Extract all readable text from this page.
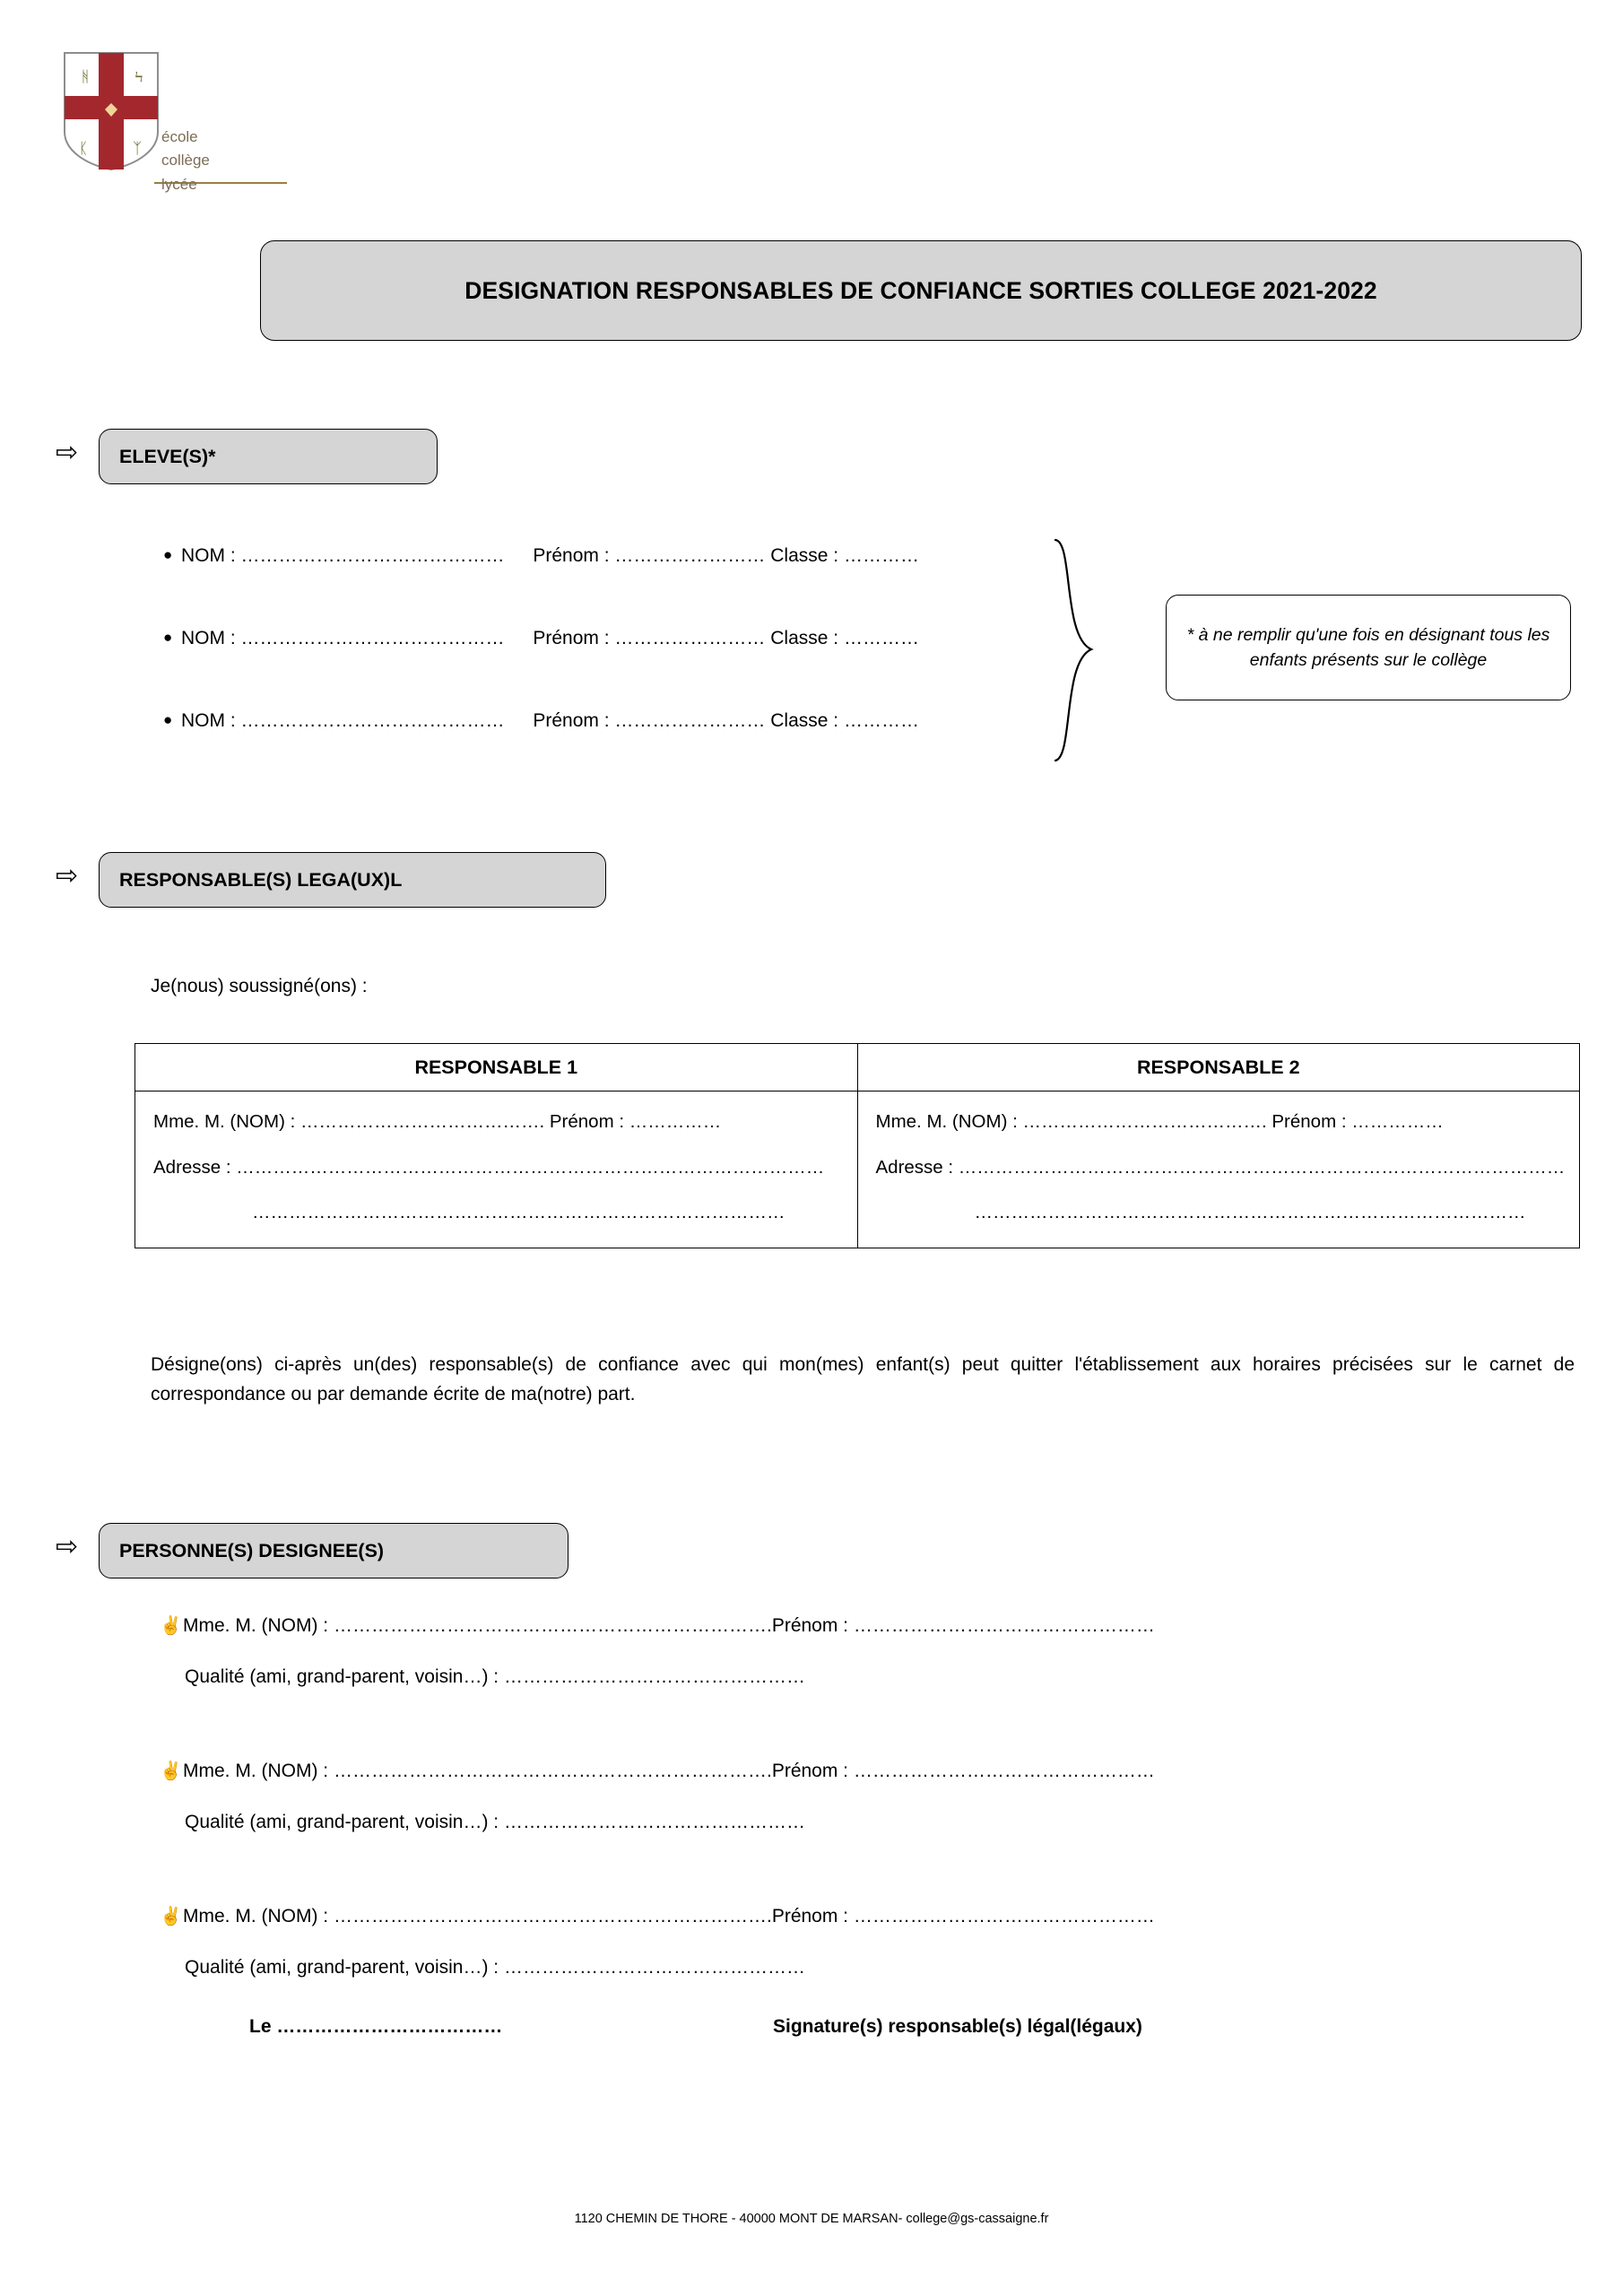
ᚻ	Ϟ
ᛕ	ᛉ
école
collège
lycée
DESIGNATION RESPONSABLES DE CONFIANCE SORTIES COLLEGE 2021-2022
⇨ ELEVE(S)*
● NOM : …………………………………… Prénom : …………………… Classe : …………
● NOM : …………………………………… Prénom : …………………… Classe : …………
● NOM : …………………………………… Prénom : …………………… Classe : …………
* à ne remplir qu'une fois en désignant tous les enfants présents sur le collège
⇨ RESPONSABLE(S) LEGA(UX)L
Je(nous) soussigné(ons) :
RESPONSABLE 1	RESPONSABLE 2

Mme. M. (NOM) : …………………………………. Prénom : ……………
Adresse : ……………………………………………………………………………………
……………………………………………………………………………

Mme. M. (NOM) : …………………………………. Prénom : ……………
Adresse : ………………………………………………………………………………………
………………………………………………………………………………
Désigne(ons) ci-après un(des) responsable(s) de confiance avec qui mon(mes) enfant(s) peut quitter l'établissement aux horaires précisées sur le carnet de correspondance ou par demande écrite de ma(notre) part.
⇨ PERSONNE(S) DESIGNEE(S)
✌Mme. M. (NOM) : …………………………………………………………….Prénom : …………………………………………
Qualité (ami, grand-parent, voisin…) : …………………………………………
✌Mme. M. (NOM) : …………………………………………………………….Prénom : …………………………………………
Qualité (ami, grand-parent, voisin…) : …………………………………………
✌Mme. M. (NOM) : …………………………………………………………….Prénom : …………………………………………
Qualité (ami, grand-parent, voisin…) : …………………………………………
Le ………………………………	Signature(s) responsable(s) légal(légaux)
1120 CHEMIN DE THORE - 40000 MONT DE MARSAN- college@gs-cassaigne.fr
